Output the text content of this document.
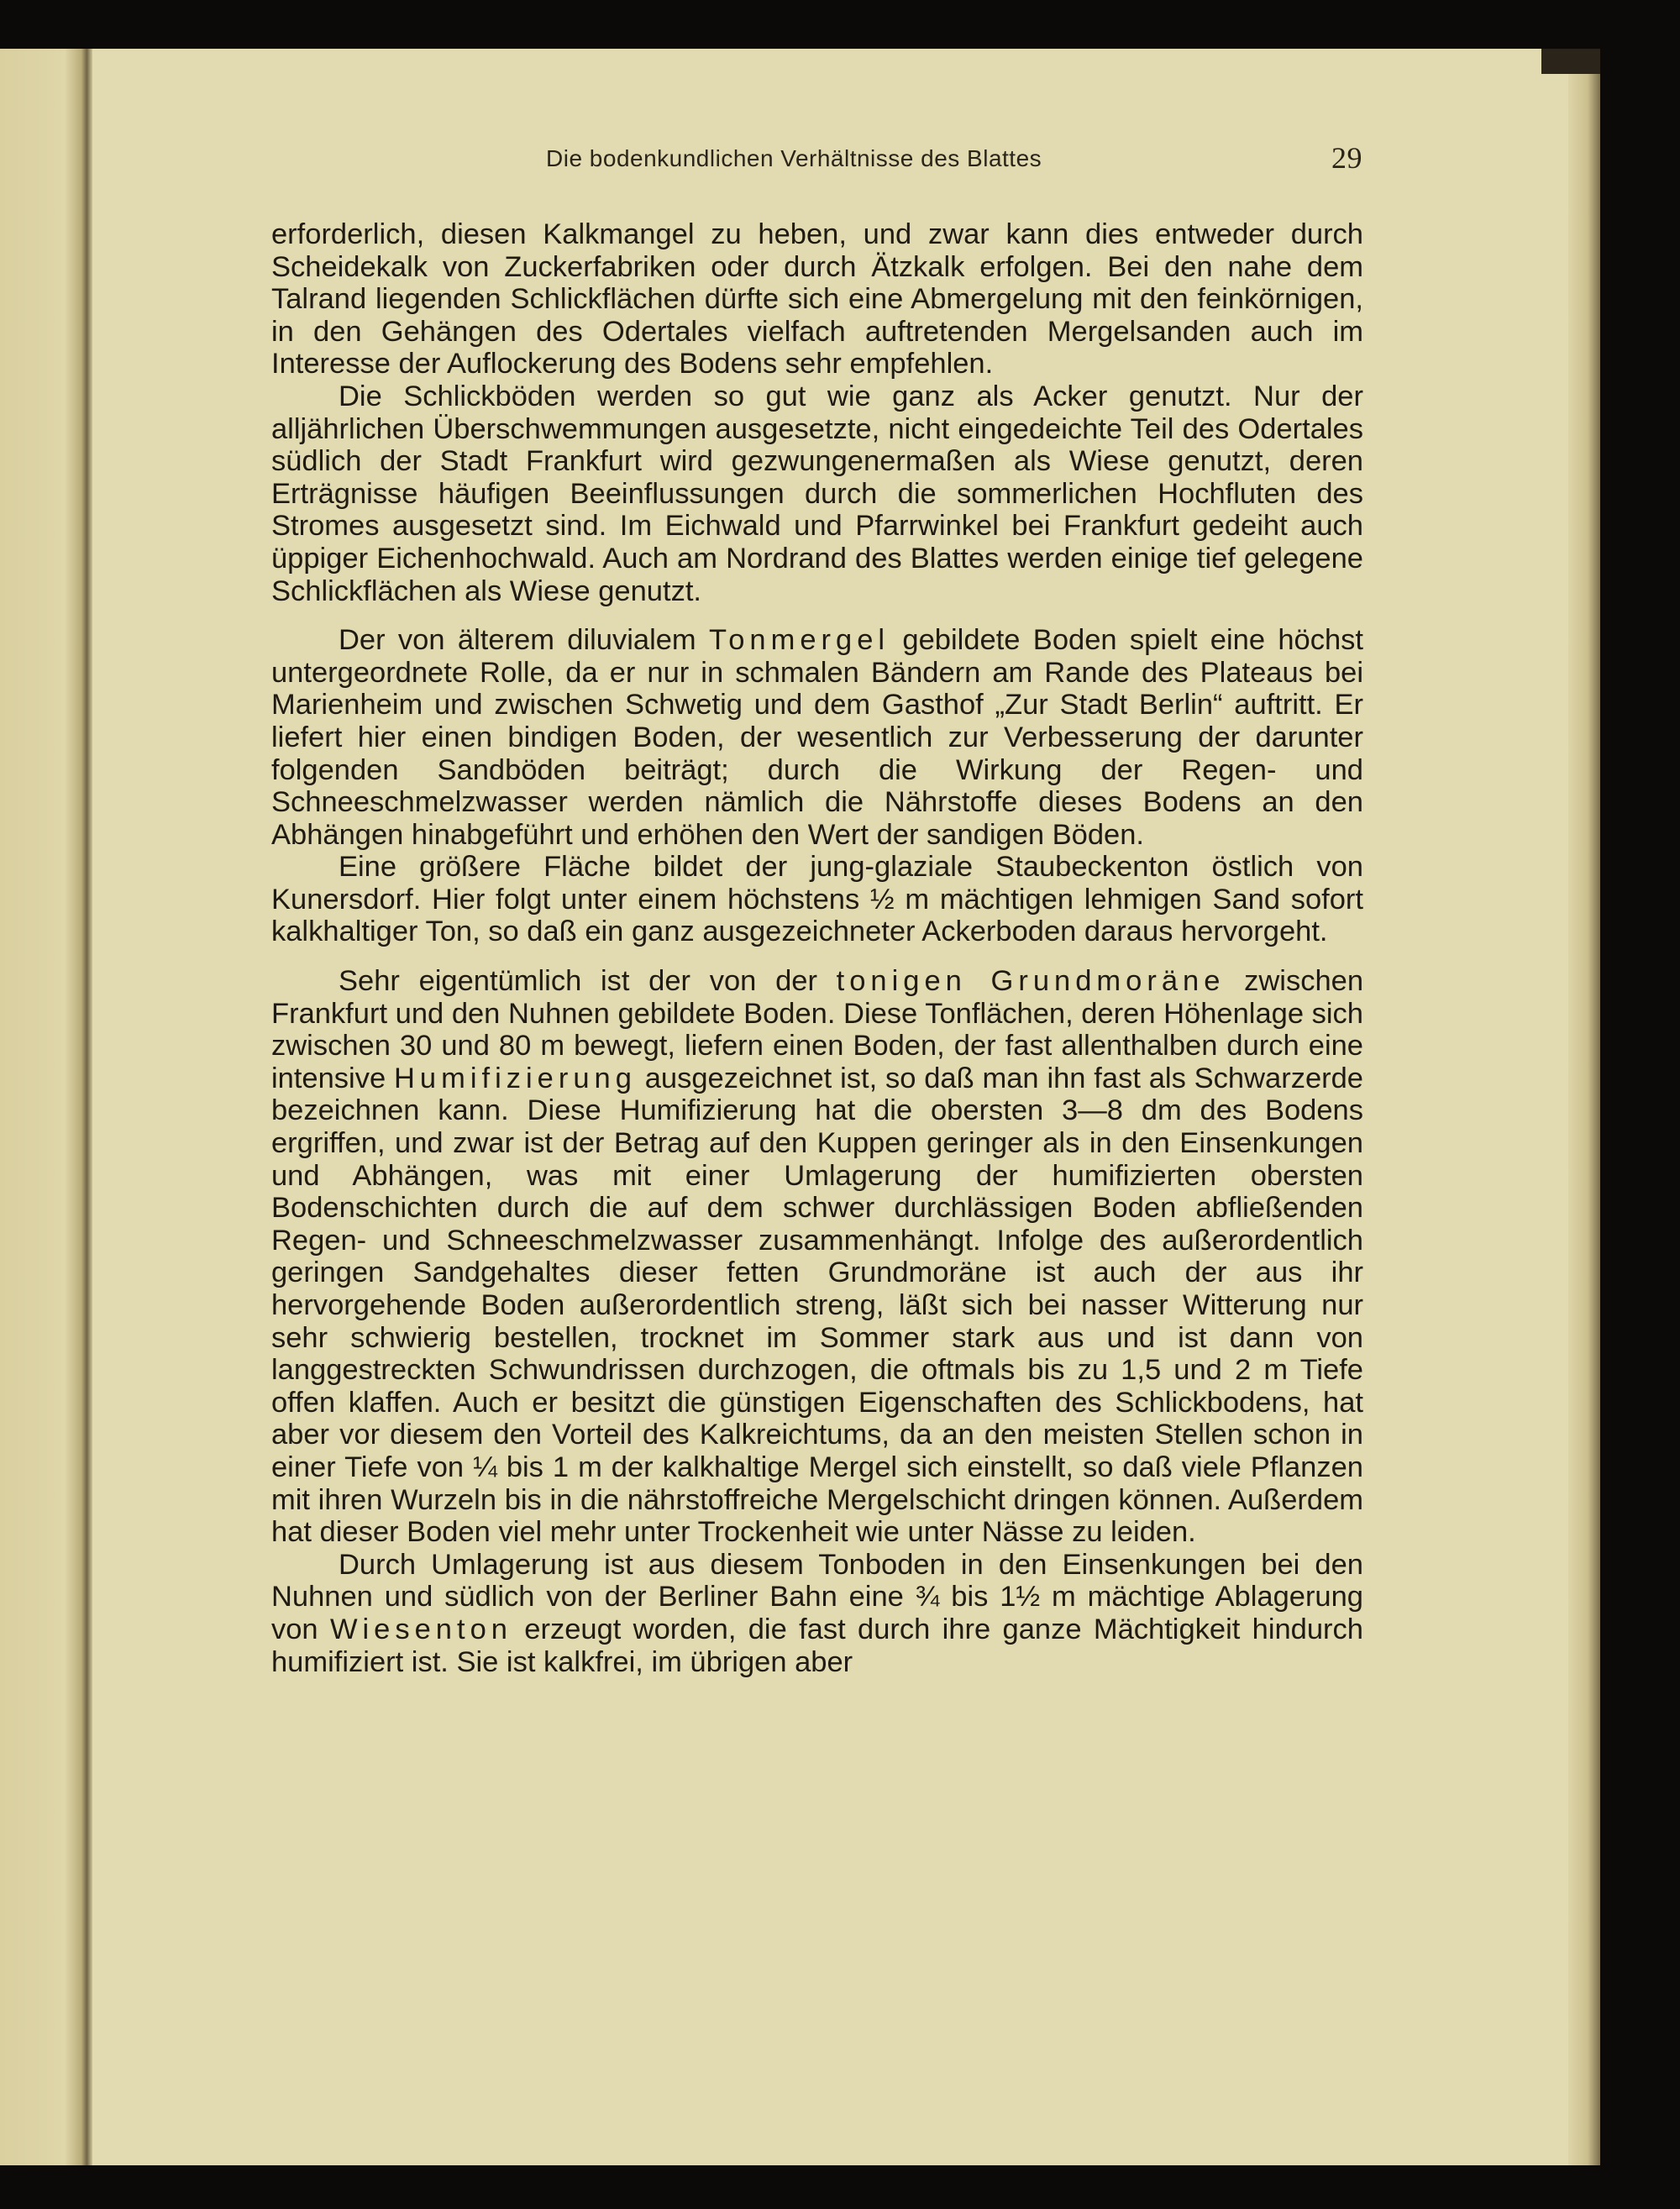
Die bodenkundlichen Verhältnisse des Blattes	29

erforderlich, diesen Kalkmangel zu heben, und zwar kann dies entweder durch Scheidekalk von Zuckerfabriken oder durch Ätzkalk erfolgen. Bei den nahe dem Talrand liegenden Schlickflächen dürfte sich eine Abmergelung mit den feinkörnigen, in den Gehängen des Odertales vielfach auftretenden Mergelsanden auch im Interesse der Auflockerung des Bodens sehr empfehlen.

Die Schlickböden werden so gut wie ganz als Acker genutzt. Nur der alljährlichen Überschwemmungen ausgesetzte, nicht eingedeichte Teil des Odertales südlich der Stadt Frankfurt wird gezwungenermaßen als Wiese genutzt, deren Erträgnisse häufigen Beeinflussungen durch die sommerlichen Hochfluten des Stromes ausgesetzt sind. Im Eichwald und Pfarrwinkel bei Frankfurt gedeiht auch üppiger Eichenhochwald. Auch am Nordrand des Blattes werden einige tief gelegene Schlickflächen als Wiese genutzt.

Der von älterem diluvialem Tonmergel gebildete Boden spielt eine höchst untergeordnete Rolle, da er nur in schmalen Bändern am Rande des Plateaus bei Marienheim und zwischen Schwetig und dem Gasthof „Zur Stadt Berlin“ auftritt. Er liefert hier einen bindigen Boden, der wesentlich zur Verbesserung der darunter folgenden Sandböden beiträgt; durch die Wirkung der Regen- und Schneeschmelzwasser werden nämlich die Nährstoffe dieses Bodens an den Abhängen hinabgeführt und erhöhen den Wert der sandigen Böden.

Eine größere Fläche bildet der jung-glaziale Staubeckenton östlich von Kunersdorf. Hier folgt unter einem höchstens ½ m mächtigen lehmigen Sand sofort kalkhaltiger Ton, so daß ein ganz ausgezeichneter Ackerboden daraus hervorgeht.

Sehr eigentümlich ist der von der tonigen Grundmoräne zwischen Frankfurt und den Nuhnen gebildete Boden. Diese Tonflächen, deren Höhenlage sich zwischen 30 und 80 m bewegt, liefern einen Boden, der fast allenthalben durch eine intensive Humifizierung ausgezeichnet ist, so daß man ihn fast als Schwarzerde bezeichnen kann. Diese Humifizierung hat die obersten 3—8 dm des Bodens ergriffen, und zwar ist der Betrag auf den Kuppen geringer als in den Einsenkungen und Abhängen, was mit einer Umlagerung der humifizierten obersten Bodenschichten durch die auf dem schwer durchlässigen Boden abfließenden Regen- und Schneeschmelzwasser zusammenhängt. Infolge des außerordentlich geringen Sandgehaltes dieser fetten Grundmoräne ist auch der aus ihr hervorgehende Boden außerordentlich streng, läßt sich bei nasser Witterung nur sehr schwierig bestellen, trocknet im Sommer stark aus und ist dann von langgestreckten Schwundrissen durchzogen, die oftmals bis zu 1,5 und 2 m Tiefe offen klaffen. Auch er besitzt die günstigen Eigenschaften des Schlickbodens, hat aber vor diesem den Vorteil des Kalkreichtums, da an den meisten Stellen schon in einer Tiefe von ¼ bis 1 m der kalkhaltige Mergel sich einstellt, so daß viele Pflanzen mit ihren Wurzeln bis in die nährstoffreiche Mergelschicht dringen können. Außerdem hat dieser Boden viel mehr unter Trockenheit wie unter Nässe zu leiden.

Durch Umlagerung ist aus diesem Tonboden in den Einsenkungen bei den Nuhnen und südlich von der Berliner Bahn eine ¾ bis 1½ m mächtige Ablagerung von Wiesenton erzeugt worden, die fast durch ihre ganze Mächtigkeit hindurch humifiziert ist. Sie ist kalkfrei, im übrigen aber
